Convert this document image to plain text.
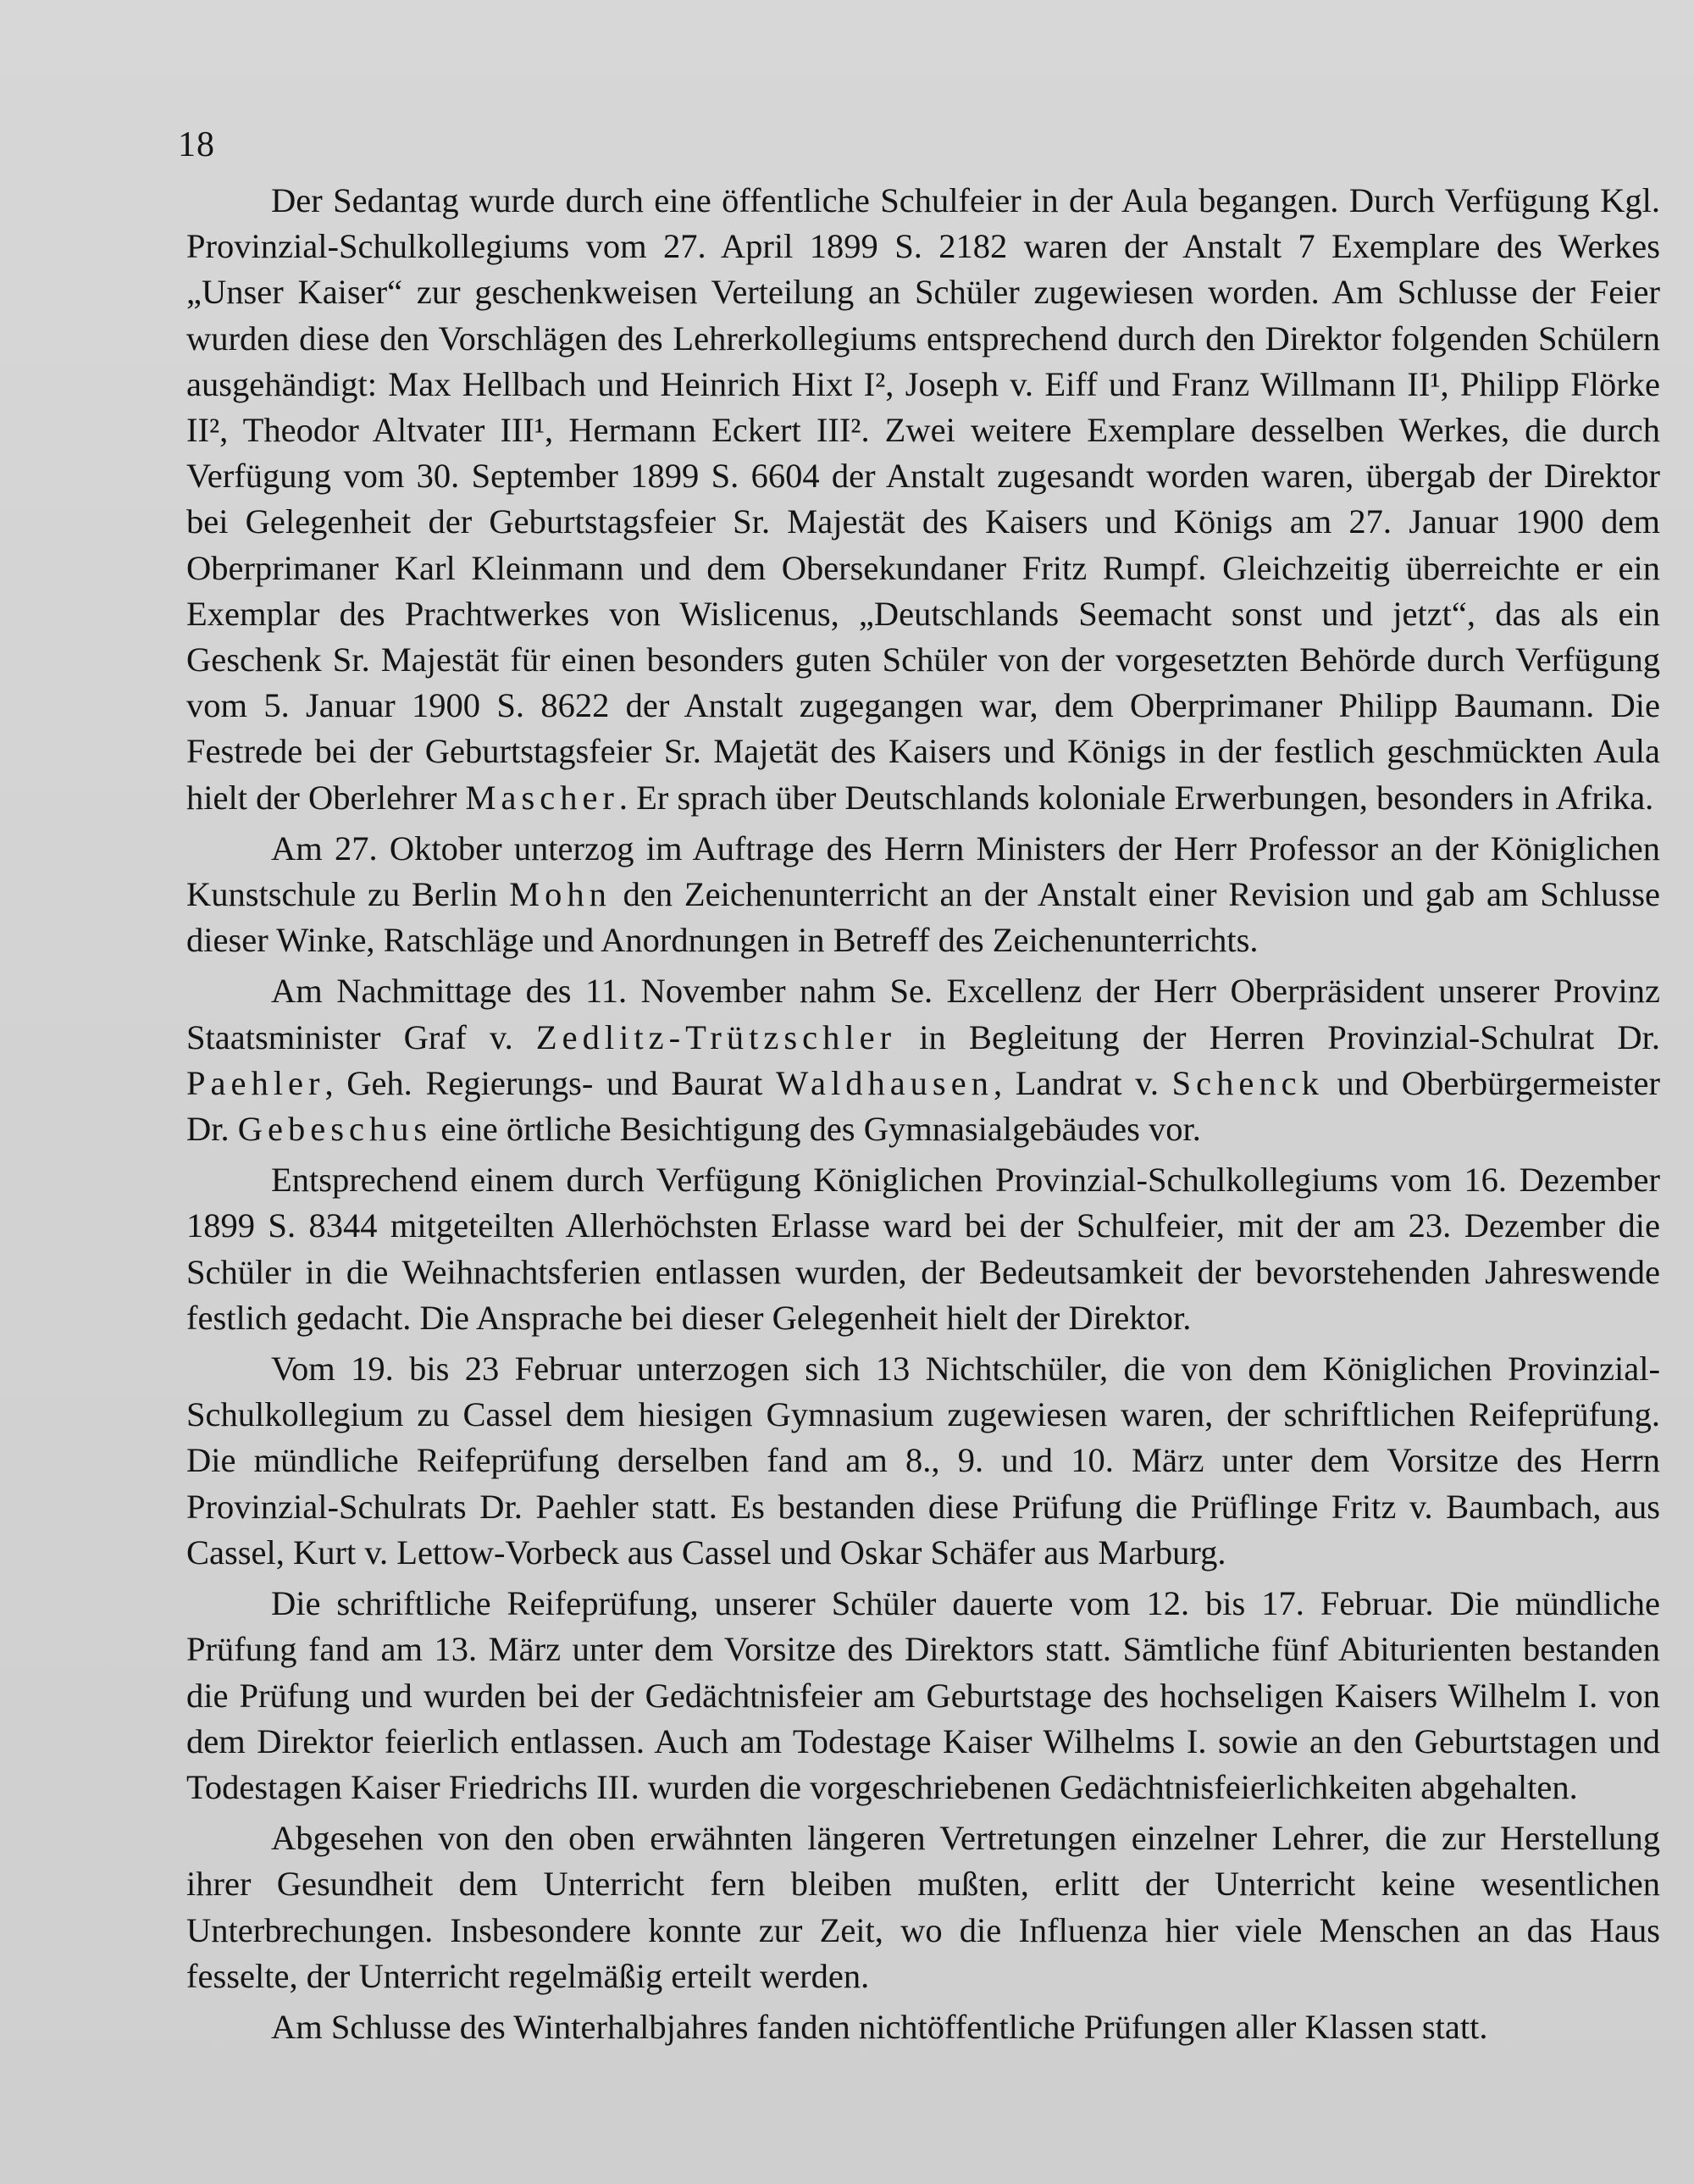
18

Der Sedantag wurde durch eine öffentliche Schulfeier in der Aula begangen. Durch Verfügung Kgl. Provinzial-Schulkollegiums vom 27. April 1899 S. 2182 waren der Anstalt 7 Exemplare des Werkes „Unser Kaiser“ zur geschenkweisen Verteilung an Schüler zugewiesen worden. Am Schlusse der Feier wurden diese den Vorschlägen des Lehrerkollegiums entsprechend durch den Direktor folgenden Schülern ausgehändigt: Max Hellbach und Heinrich Hixt I², Joseph v. Eiff und Franz Willmann II¹, Philipp Flörke II², Theodor Altvater III¹, Hermann Eckert III². Zwei weitere Exemplare desselben Werkes, die durch Verfügung vom 30. September 1899 S. 6604 der Anstalt zugesandt worden waren, übergab der Direktor bei Gelegenheit der Geburtstagsfeier Sr. Majestät des Kaisers und Königs am 27. Januar 1900 dem Oberprimaner Karl Kleinmann und dem Obersekundaner Fritz Rumpf. Gleichzeitig überreichte er ein Exemplar des Prachtwerkes von Wislicenus, „Deutschlands Seemacht sonst und jetzt“, das als ein Geschenk Sr. Majestät für einen besonders guten Schüler von der vorgesetzten Behörde durch Verfügung vom 5. Januar 1900 S. 8622 der Anstalt zugegangen war, dem Oberprimaner Philipp Baumann. Die Festrede bei der Geburtstagsfeier Sr. Majetät des Kaisers und Königs in der festlich geschmückten Aula hielt der Oberlehrer Mascher. Er sprach über Deutschlands koloniale Erwerbungen, besonders in Afrika.

Am 27. Oktober unterzog im Auftrage des Herrn Ministers der Herr Professor an der Königlichen Kunstschule zu Berlin Mohn den Zeichenunterricht an der Anstalt einer Revision und gab am Schlusse dieser Winke, Ratschläge und Anordnungen in Betreff des Zeichenunterrichts.

Am Nachmittage des 11. November nahm Se. Excellenz der Herr Oberpräsident unserer Provinz Staatsminister Graf v. Zedlitz-Trützschler in Begleitung der Herren Provinzial-Schulrat Dr. Paehler, Geh. Regierungs- und Baurat Waldhausen, Landrat v. Schenck und Oberbürgermeister Dr. Gebeschus eine örtliche Besichtigung des Gymnasialgebäudes vor.

Entsprechend einem durch Verfügung Königlichen Provinzial-Schulkollegiums vom 16. Dezember 1899 S. 8344 mitgeteilten Allerhöchsten Erlasse ward bei der Schulfeier, mit der am 23. Dezember die Schüler in die Weihnachtsferien entlassen wurden, der Bedeutsamkeit der bevorstehenden Jahreswende festlich gedacht. Die Ansprache bei dieser Gelegenheit hielt der Direktor.

Vom 19. bis 23 Februar unterzogen sich 13 Nichtschüler, die von dem Königlichen Provinzial-Schulkollegium zu Cassel dem hiesigen Gymnasium zugewiesen waren, der schriftlichen Reifeprüfung. Die mündliche Reifeprüfung derselben fand am 8., 9. und 10. März unter dem Vorsitze des Herrn Provinzial-Schulrats Dr. Paehler statt. Es bestanden diese Prüfung die Prüflinge Fritz v. Baumbach, aus Cassel, Kurt v. Lettow-Vorbeck aus Cassel und Oskar Schäfer aus Marburg.

Die schriftliche Reifeprüfung, unserer Schüler dauerte vom 12. bis 17. Februar. Die mündliche Prüfung fand am 13. März unter dem Vorsitze des Direktors statt. Sämtliche fünf Abiturienten bestanden die Prüfung und wurden bei der Gedächtnisfeier am Geburtstage des hochseligen Kaisers Wilhelm I. von dem Direktor feierlich entlassen. Auch am Todestage Kaiser Wilhelms I. sowie an den Geburtstagen und Todestagen Kaiser Friedrichs III. wurden die vorgeschriebenen Gedächtnisfeierlichkeiten abgehalten.

Abgesehen von den oben erwähnten längeren Vertretungen einzelner Lehrer, die zur Herstellung ihrer Gesundheit dem Unterricht fern bleiben mußten, erlitt der Unterricht keine wesentlichen Unterbrechungen. Insbesondere konnte zur Zeit, wo die Influenza hier viele Menschen an das Haus fesselte, der Unterricht regelmäßig erteilt werden.

Am Schlusse des Winterhalbjahres fanden nichtöffentliche Prüfungen aller Klassen statt.
